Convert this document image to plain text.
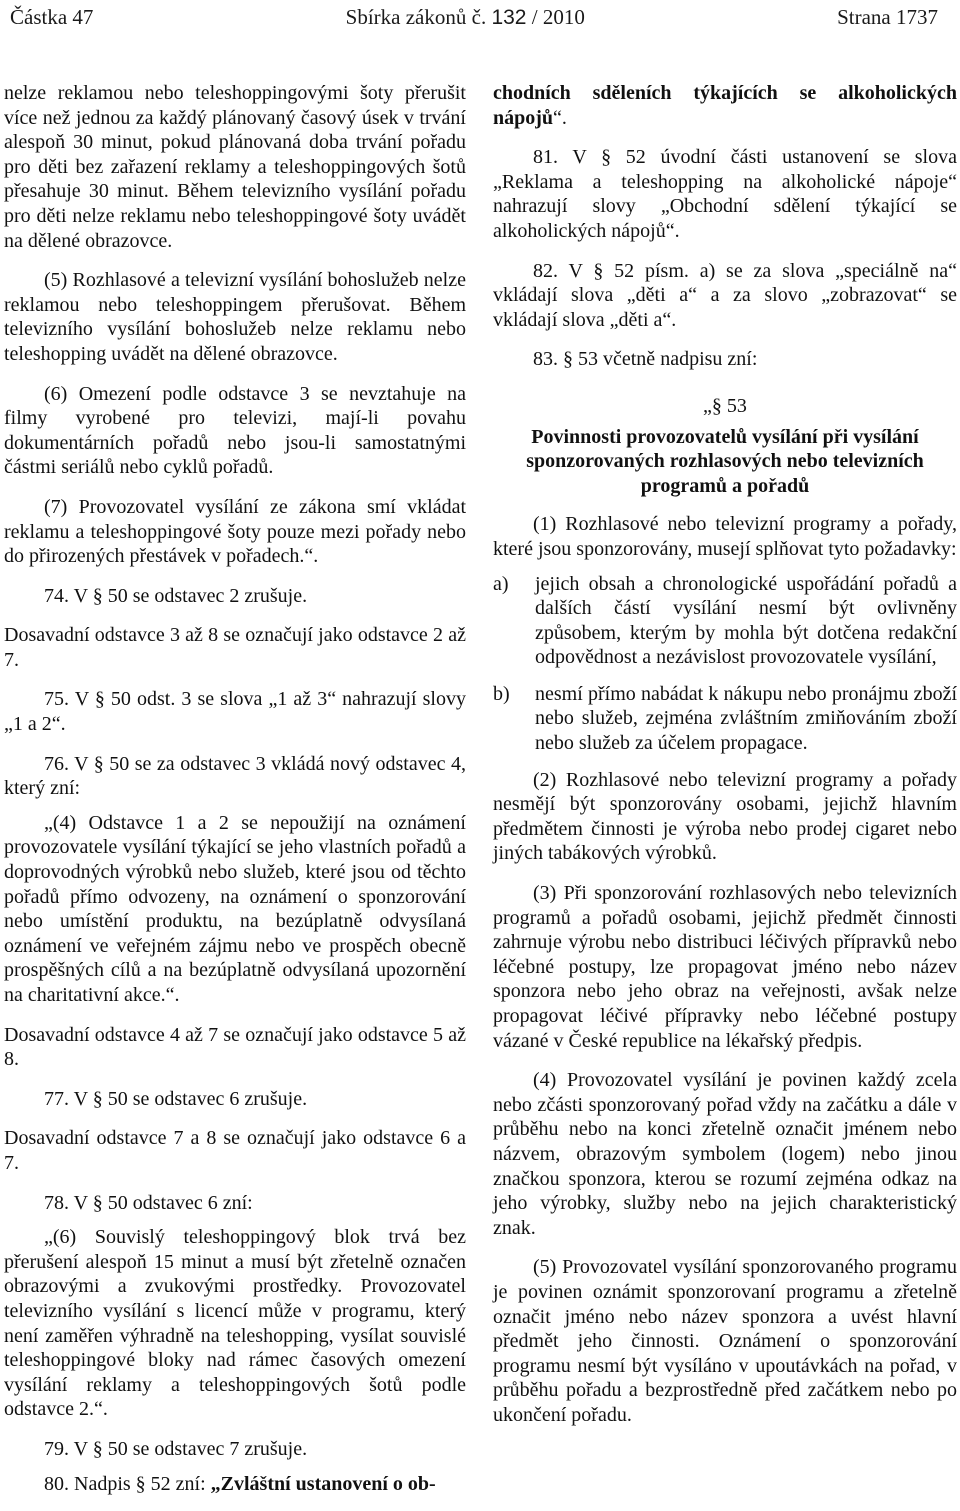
Částka 47	Sbírka zákonů č. 132 / 2010	Strana 1737

nelze reklamou nebo teleshoppingovými šoty přerušit více než jednou za každý plánovaný časový úsek v trvání alespoň 30 minut, pokud plánovaná doba trvání pořadu pro děti bez zařazení reklamy a teleshoppingových šotů přesahuje 30 minut. Během televizního vysílání pořadu pro děti nelze reklamu nebo teleshoppingové šoty uvádět na dělené obrazovce.

(5) Rozhlasové a televizní vysílání bohoslužeb nelze reklamou nebo teleshoppingem přerušovat. Během televizního vysílání bohoslužeb nelze reklamu nebo teleshopping uvádět na dělené obrazovce.

(6) Omezení podle odstavce 3 se nevztahuje na filmy vyrobené pro televizi, mají-li povahu dokumentárních pořadů nebo jsou-li samostatnými částmi seriálů nebo cyklů pořadů.

(7) Provozovatel vysílání ze zákona smí vkládat reklamu a teleshoppingové šoty pouze mezi pořady nebo do přirozených přestávek v pořadech.“.

74. V § 50 se odstavec 2 zrušuje.

Dosavadní odstavce 3 až 8 se označují jako odstavce 2 až 7.

75. V § 50 odst. 3 se slova „1 až 3“ nahrazují slovy „1 a 2“.

76. V § 50 se za odstavec 3 vkládá nový odstavec 4, který zní:

„(4) Odstavce 1 a 2 se nepoužijí na oznámení provozovatele vysílání týkající se jeho vlastních pořadů a doprovodných výrobků nebo služeb, které jsou od těchto pořadů přímo odvozeny, na oznámení o sponzorování nebo umístění produktu, na bezúplatně odvysílaná oznámení ve veřejném zájmu nebo ve prospěch obecně prospěšných cílů a na bezúplatně odvysílaná upozornění na charitativní akce.“.

Dosavadní odstavce 4 až 7 se označují jako odstavce 5 až 8.

77. V § 50 se odstavec 6 zrušuje.

Dosavadní odstavce 7 a 8 se označují jako odstavce 6 a 7.

78. V § 50 odstavec 6 zní:

„(6) Souvislý teleshoppingový blok trvá bez přerušení alespoň 15 minut a musí být zřetelně označen obrazovými a zvukovými prostředky. Provozovatel televizního vysílání s licencí může v programu, který není zaměřen výhradně na teleshopping, vysílat souvislé teleshoppingové bloky nad rámec časových omezení vysílání reklamy a teleshoppingových šotů podle odstavce 2.“.

79. V § 50 se odstavec 7 zrušuje.

80. Nadpis § 52 zní: „Zvláštní ustanovení o ob-

chodních sděleních týkajících se alkoholických nápojů“.

81. V § 52 úvodní části ustanovení se slova „Reklama a teleshopping na alkoholické nápoje“ nahrazují slovy „Obchodní sdělení týkající se alkoholických nápojů“.

82. V § 52 písm. a) se za slova „speciálně na“ vkládají slova „děti a“ a za slovo „zobrazovat“ se vkládají slova „děti a“.

83. § 53 včetně nadpisu zní:

„§ 53
Povinnosti provozovatelů vysílání při vysílání
sponzorovaných rozhlasových nebo televizních
programů a pořadů

(1) Rozhlasové nebo televizní programy a pořady, které jsou sponzorovány, musejí splňovat tyto požadavky:

a)	jejich obsah a chronologické uspořádání pořadů a dalších částí vysílání nesmí být ovlivněny způsobem, kterým by mohla být dotčena redakční odpovědnost a nezávislost provozovatele vysílání,
b)	nesmí přímo nabádat k nákupu nebo pronájmu zboží nebo služeb, zejména zvláštním zmiňováním zboží nebo služeb za účelem propagace.

(2) Rozhlasové nebo televizní programy a pořady nesmějí být sponzorovány osobami, jejichž hlavním předmětem činnosti je výroba nebo prodej cigaret nebo jiných tabákových výrobků.

(3) Při sponzorování rozhlasových nebo televizních programů a pořadů osobami, jejichž předmět činnosti zahrnuje výrobu nebo distribuci léčivých přípravků nebo léčebné postupy, lze propagovat jméno nebo název sponzora nebo jeho obraz na veřejnosti, avšak nelze propagovat léčivé přípravky nebo léčebné postupy vázané v České republice na lékařský předpis.

(4) Provozovatel vysílání je povinen každý zcela nebo zčásti sponzorovaný pořad vždy na začátku a dále v průběhu nebo na konci zřetelně označit jménem nebo názvem, obrazovým symbolem (logem) nebo jinou značkou sponzora, kterou se rozumí zejména odkaz na jeho výrobky, služby nebo na jejich charakteristický znak.

(5) Provozovatel vysílání sponzorovaného programu je povinen oznámit sponzorovaní programu a zřetelně označit jméno nebo název sponzora a uvést hlavní předmět jeho činnosti. Oznámení o sponzorování programu nesmí být vysíláno v upoutávkách na pořad, v průběhu pořadu a bezprostředně před začátkem nebo po ukončení pořadu.
